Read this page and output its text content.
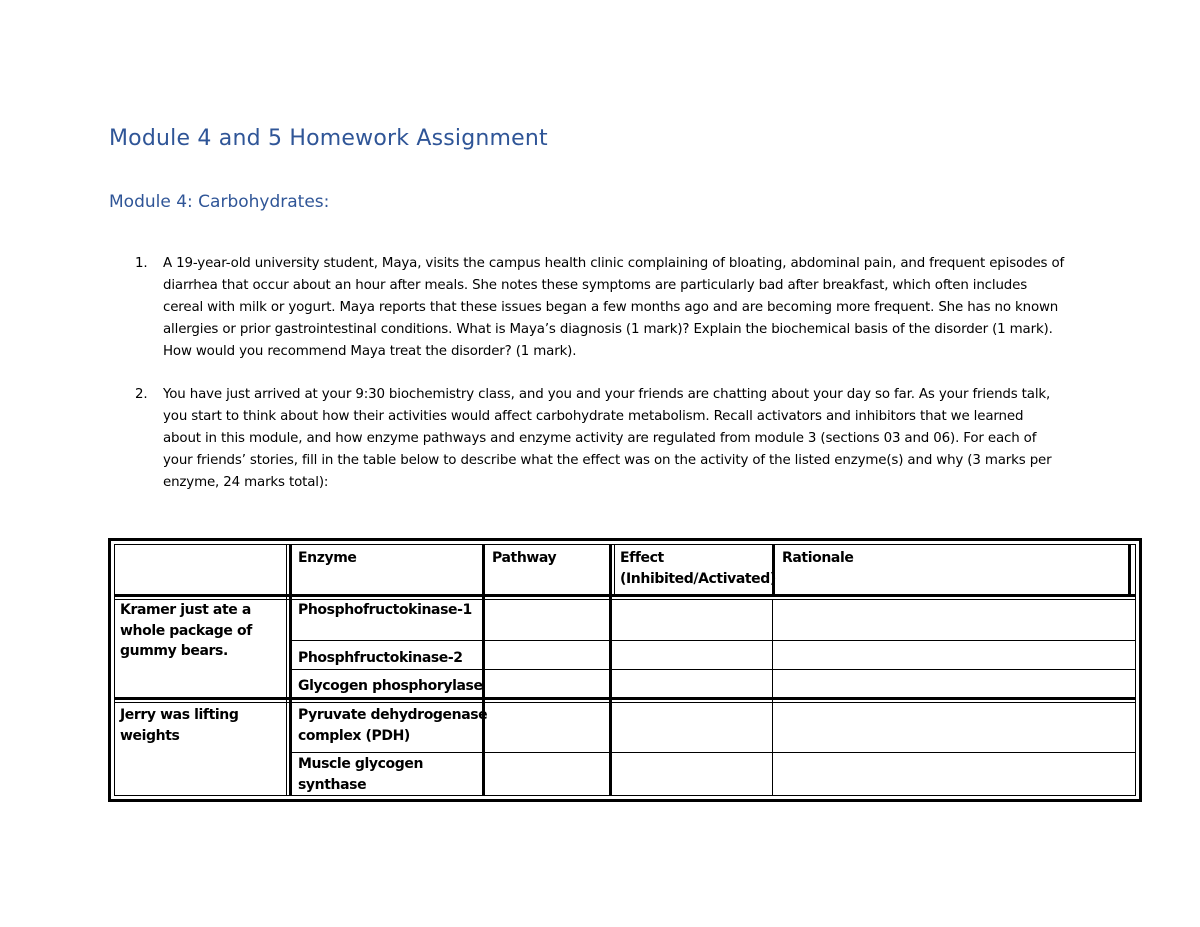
Module 4 and 5 Homework Assignment
Module 4: Carbohydrates:
1. A 19-year-old university student, Maya, visits the campus health clinic complaining of bloating, abdominal pain, and frequent episodes of
diarrhea that occur about an hour after meals. She notes these symptoms are particularly bad after breakfast, which often includes
cereal with milk or yogurt. Maya reports that these issues began a few months ago and are becoming more frequent. She has no known
allergies or prior gastrointestinal conditions. What is Maya’s diagnosis (1 mark)? Explain the biochemical basis of the disorder (1 mark).
How would you recommend Maya treat the disorder? (1 mark).
2. You have just arrived at your 9:30 biochemistry class, and you and your friends are chatting about your day so far. As your friends talk,
you start to think about how their activities would affect carbohydrate metabolism. Recall activators and inhibitors that we learned
about in this module, and how enzyme pathways and enzyme activity are regulated from module 3 (sections 03 and 06). For each of
your friends’ stories, fill in the table below to describe what the effect was on the activity of the listed enzyme(s) and why (3 marks per
enzyme, 24 marks total):
Enzyme	Pathway	Effect
(Inhibited/Activated)
Rationale
Kramer just ate a
whole package of
gummy bears.
Phosphofructokinase-1
Phosphfructokinase-2
Glycogen phosphorylase
Jerry was lifting
weights
Pyruvate dehydrogenase
complex (PDH)
Muscle glycogen
synthase
